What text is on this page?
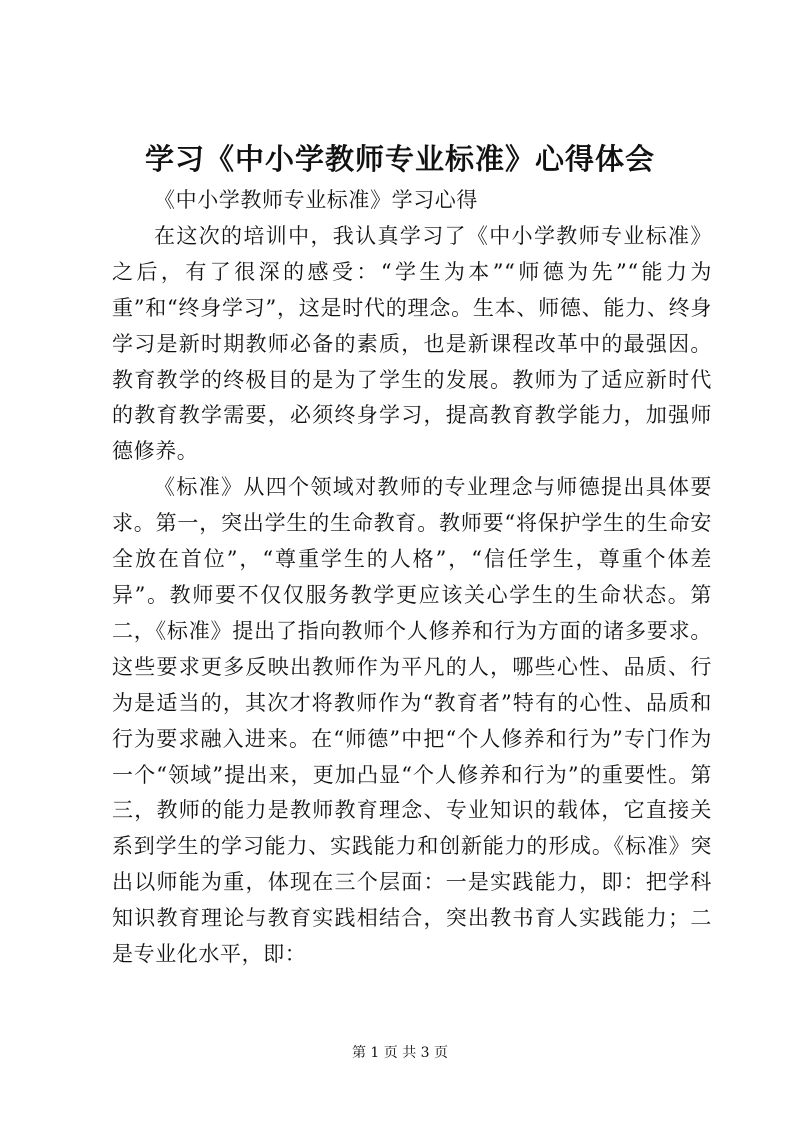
学习《中小学教师专业标准》心得体会

《中小学教师专业标准》学习心得

在这次的培训中，我认真学习了《中小学教师专业标准》之后，有了很深的感受：“学生为本”“师德为先”“能力为重”和“终身学习”，这是时代的理念。生本、师德、能力、终身学习是新时期教师必备的素质，也是新课程改革中的最强因。教育教学的终极目的是为了学生的发展。教师为了适应新时代的教育教学需要，必须终身学习，提高教育教学能力，加强师德修养。

《标准》从四个领域对教师的专业理念与师德提出具体要求。第一，突出学生的生命教育。教师要“将保护学生的生命安全放在首位”，“尊重学生的人格”，“信任学生，尊重个体差异”。教师要不仅仅服务教学更应该关心学生的生命状态。第二，《标准》提出了指向教师个人修养和行为方面的诸多要求。这些要求更多反映出教师作为平凡的人，哪些心性、品质、行为是适当的，其次才将教师作为“教育者”特有的心性、品质和行为要求融入进来。在“师德”中把“个人修养和行为”专门作为一个“领域”提出来，更加凸显“个人修养和行为”的重要性。第三，教师的能力是教师教育理念、专业知识的载体，它直接关系到学生的学习能力、实践能力和创新能力的形成。《标准》突出以师能为重，体现在三个层面：一是实践能力，即：把学科知识教育理论与教育实践相结合，突出教书育人实践能力；二是专业化水平，即：

第 1 页 共 3 页
